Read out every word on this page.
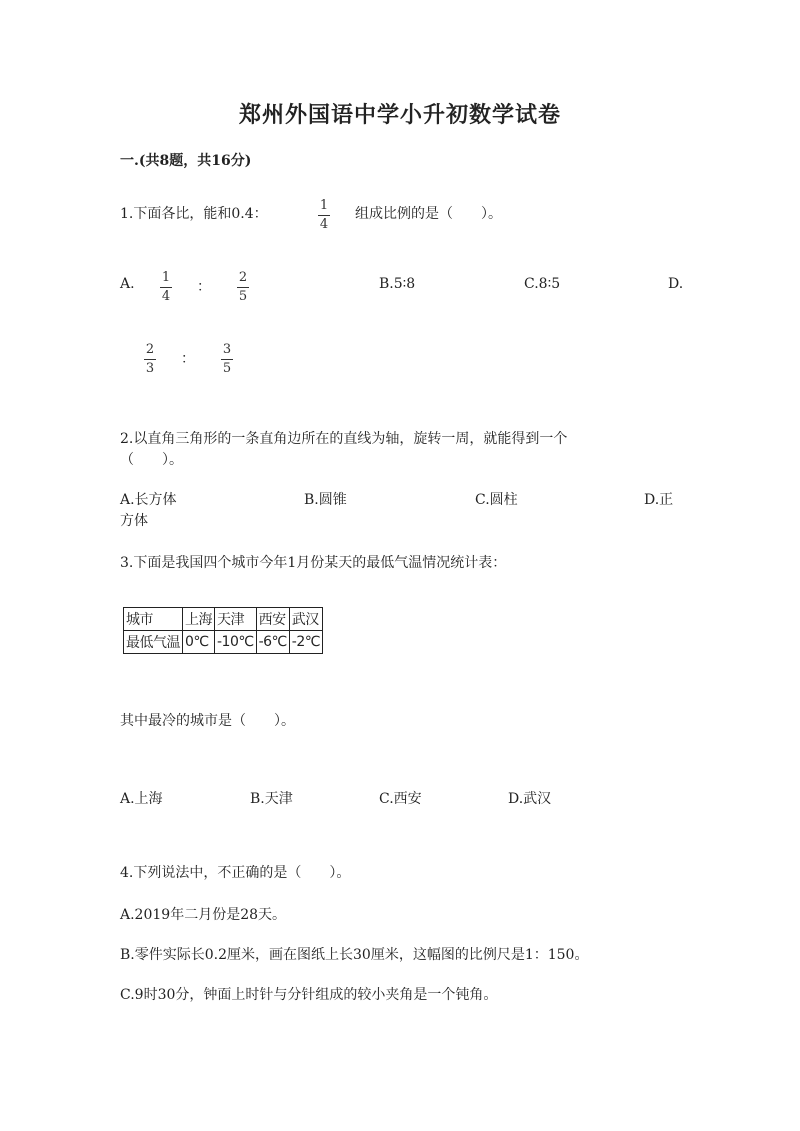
郑州外国语中学小升初数学试卷
一.(共8题，共16分)
1.下面各比，能和0.4：
1
4
组成比例的是（　　）。
A. 1
4
：
2
5
B.5∶8	C.8∶5	D.
2
3
：
3
5
2.以直角三角形的一条直角边所在的直线为轴，旋转一周，就能得到一个
（　　）。
A.长方体	B.圆锥	C.圆柱	D.正
方体
3.下面是我国四个城市今年1月份某天的最低气温情况统计表：
城市	上海	天津	西安	武汉
最低气温	0℃	-10℃	-6℃	-2℃
其中最冷的城市是（　　）。
A.上海	B.天津	C.西安	D.武汉
4.下列说法中，不正确的是（　　）。
A.2019年二月份是28天。
B.零件实际长0.2厘米，画在图纸上长30厘米，这幅图的比例尺是1：150。
C.9时30分，钟面上时针与分针组成的较小夹角是一个钝角。
